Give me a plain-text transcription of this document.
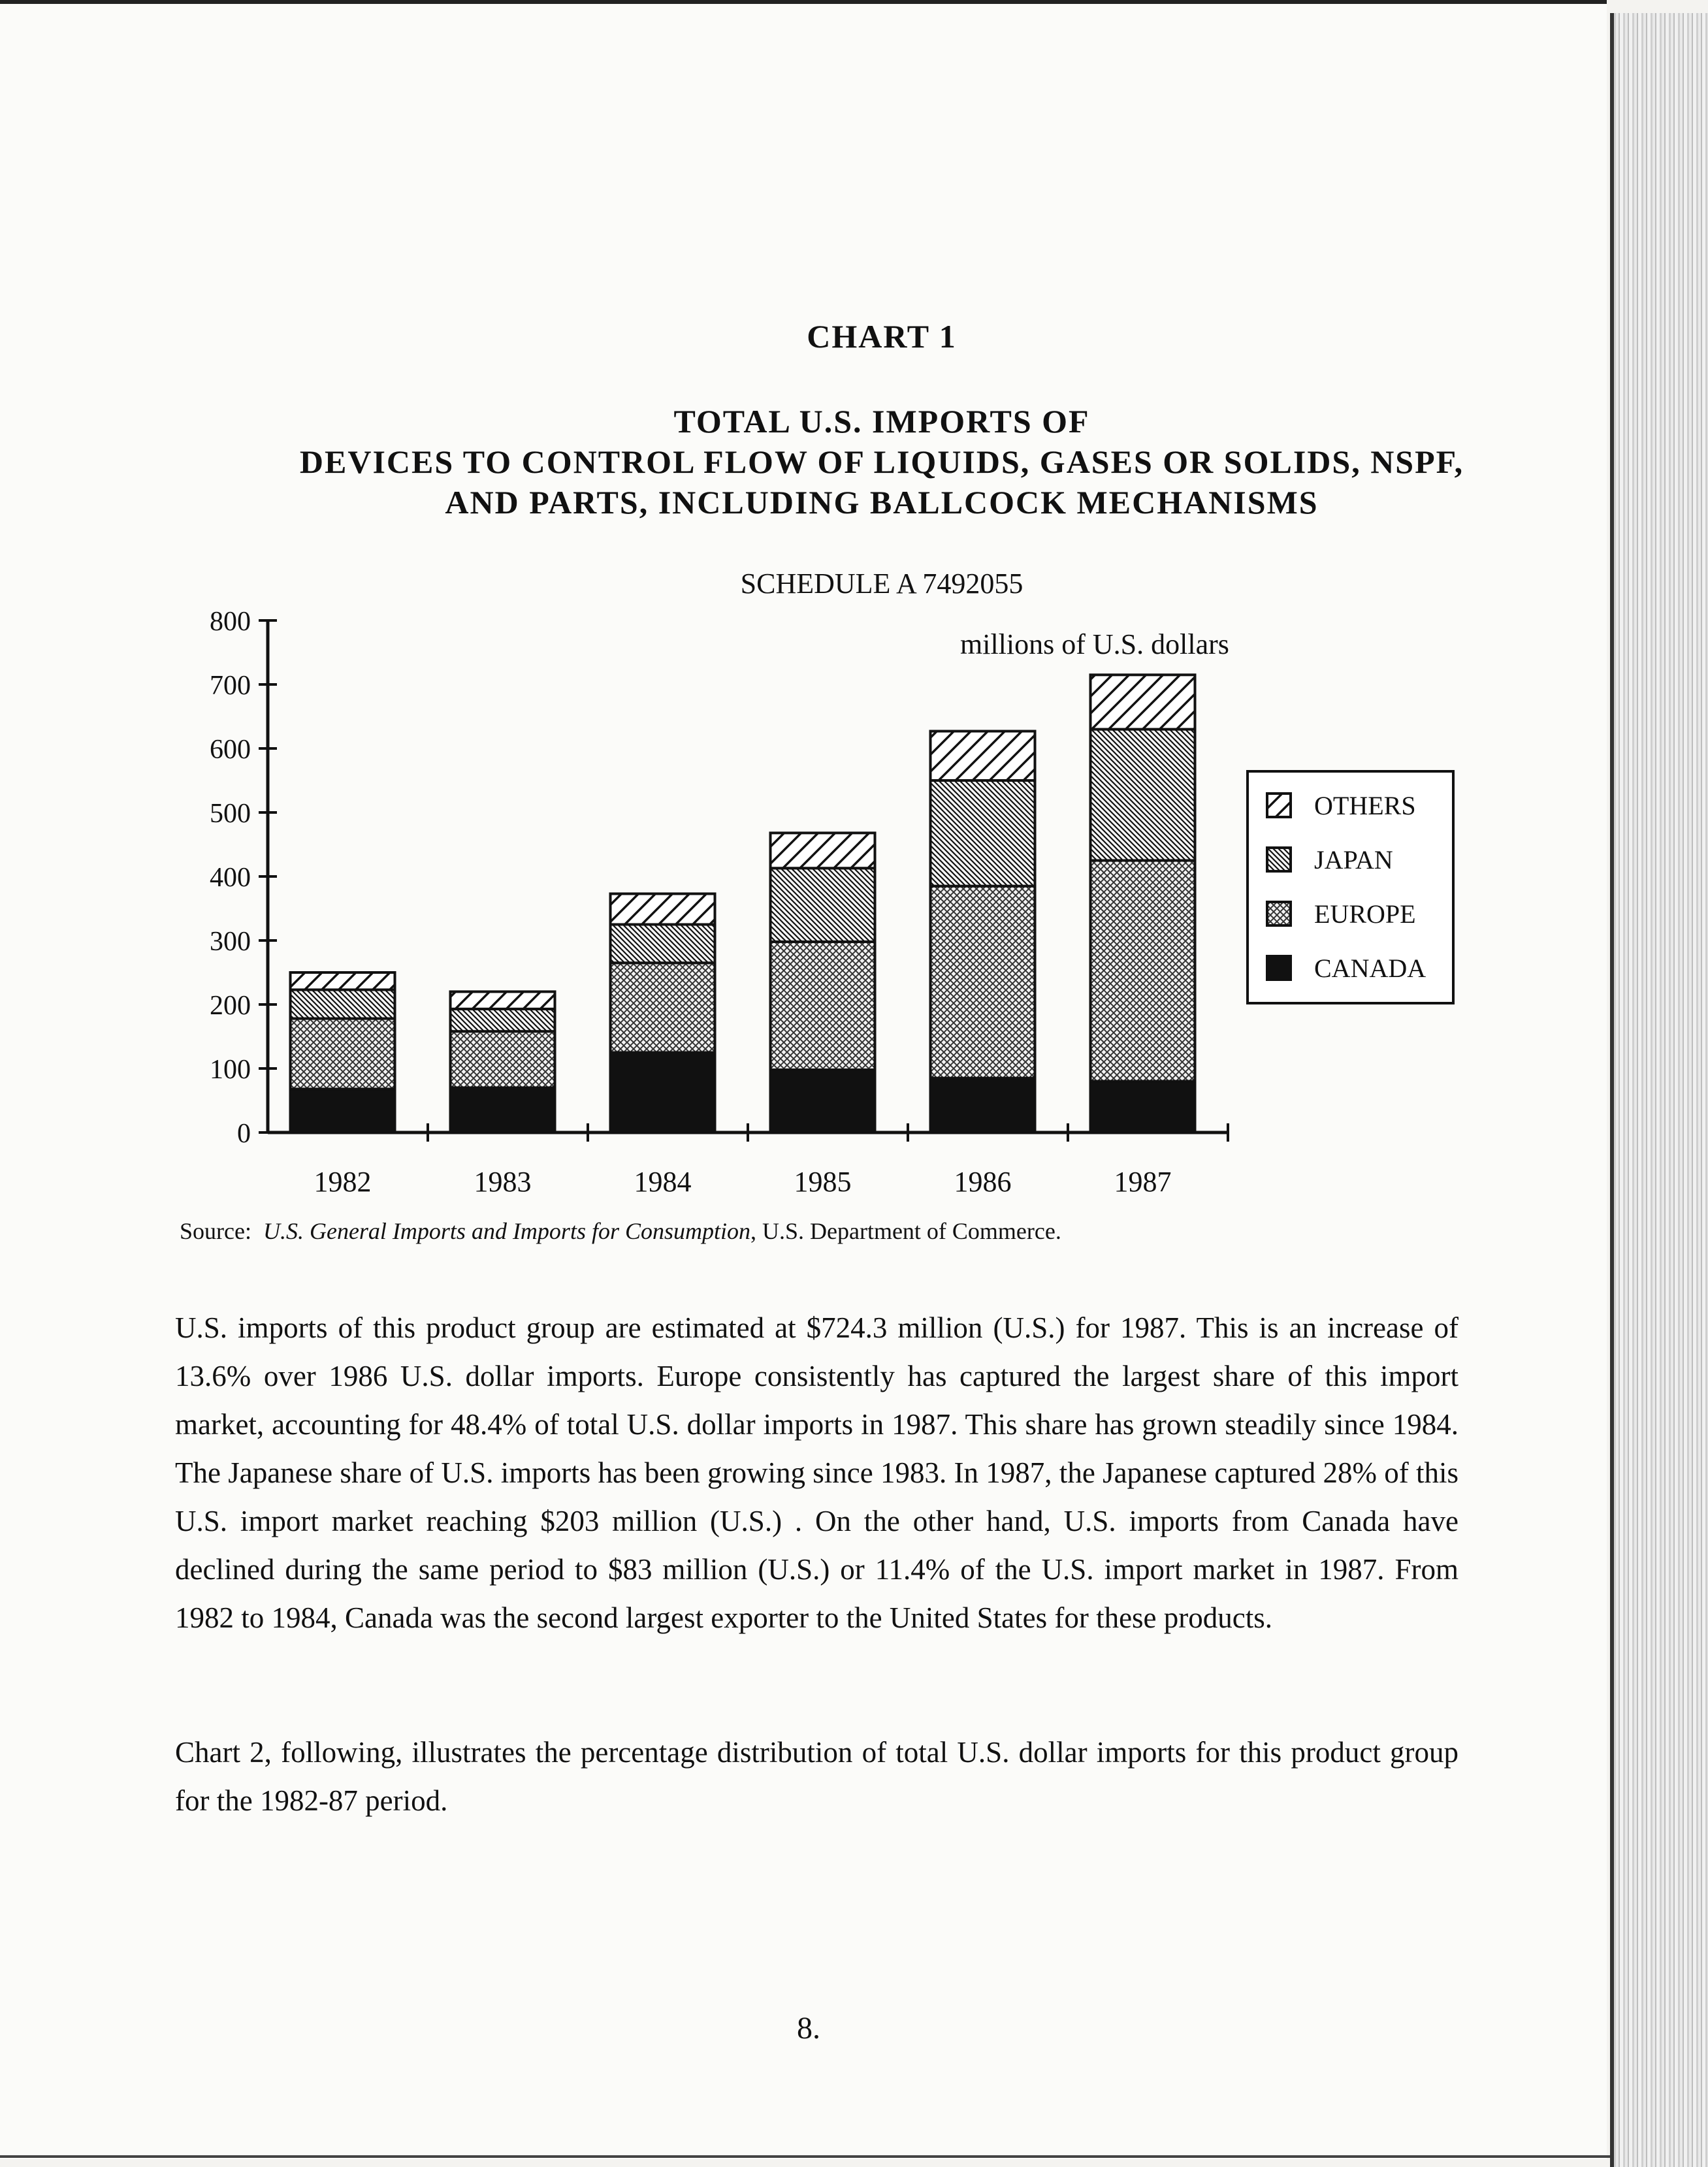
CHART 1
TOTAL U.S. IMPORTS OF
DEVICES TO CONTROL FLOW OF LIQUIDS, GASES OR SOLIDS, NSPF,
AND PARTS, INCLUDING BALLCOCK MECHANISMS

SCHEDULE A 7492055

1982	1983	1984	1985	1986	1987
0
100
200
300
400
500
600
700
800
millions of U.S. dollars
OTHERS
JAPAN
EUROPE
CANADA

Source: U.S. General Imports and Imports for Consumption, U.S. Department of Commerce.

U.S. imports of this product group are estimated at $724.3 million (U.S.) for 1987. This is an increase of 13.6% over 1986 U.S. dollar imports. Europe consistently has captured the largest share of this import market, accounting for 48.4% of total U.S. dollar imports in 1987. This share has grown steadily since 1984. The Japanese share of U.S. imports has been growing since 1983. In 1987, the Japanese captured 28% of this U.S. import market reaching $203 million (U.S.) . On the other hand, U.S. imports from Canada have declined during the same period to $83 million (U.S.) or 11.4% of the U.S. import market in 1987. From 1982 to 1984, Canada was the second largest exporter to the United States for these products.

Chart 2, following, illustrates the percentage distribution of total U.S. dollar imports for this product group for the 1982-87 period.

8.
